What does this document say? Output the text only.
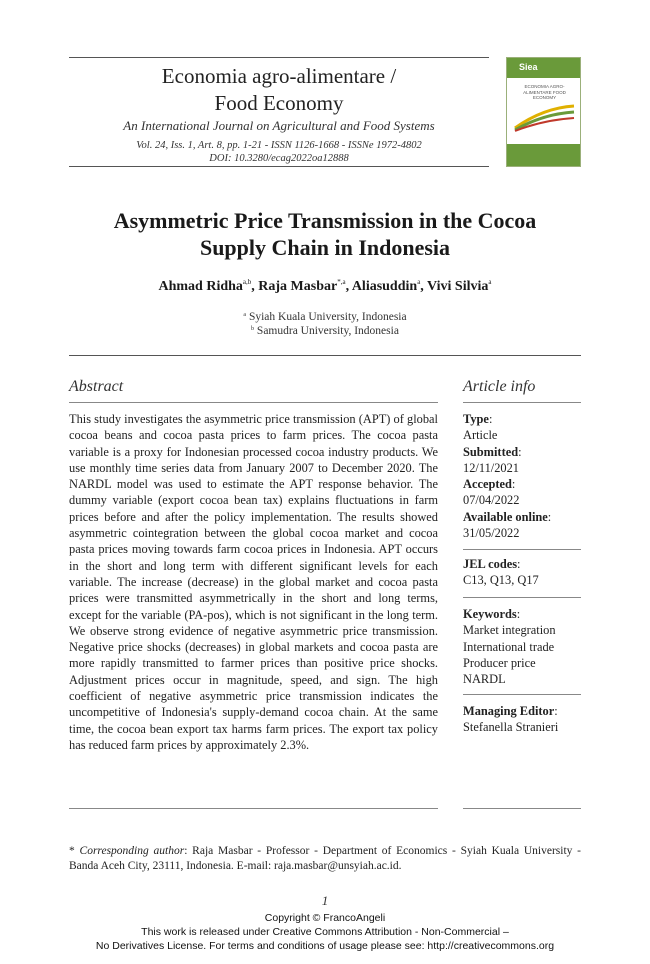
Economia agro-alimentare /
Food Economy
An International Journal on Agricultural and Food Systems
Vol. 24, Iss. 1, Art. 8, pp. 1-21 - ISSN 1126-1668 - ISSNe 1972-4802
DOI: 10.3280/ecag2022oa12888
Siea
ECONOMIA AGRO-ALIMENTARE FOOD ECONOMY
Asymmetric Price Transmission in the Cocoa
Supply Chain in Indonesia
Ahmad Ridha$^{a,b}$, Raja Masbar$^{*,a}$, Aliasuddin$^a$, Vivi Silvia$^a$
$^a$ Syiah Kuala University, Indonesia
$^b$ Samudra University, Indonesia
Abstract
This study investigates the asymmetric price transmission (APT) of global cocoa beans and cocoa pasta prices to farm prices. The cocoa pasta variable is a proxy for Indonesian processed cocoa industry products. We use monthly time series data from January 2007 to December 2020. The NARDL model was used to estimate the APT response behavior. The dummy variable (export cocoa bean tax) explains fluctuations in farm prices before and after the policy implementation. The results showed asymmetric cointegration between the global cocoa market and cocoa pasta prices moving towards farm cocoa prices in Indonesia. APT occurs in the short and long term with different significant levels for each variable. The increase (decrease) in the global market and cocoa pasta prices were transmitted asymmetrically in the short and long terms, except for the variable (PA-pos), which is not significant in the long term. We observe strong evidence of negative asymmetric price transmission. Negative price shocks (decreases) in global markets and cocoa pasta are more rapidly transmitted to farmer prices than positive price shocks. Adjustment prices occur in magnitude, speed, and sign. The high coefficient of negative asymmetric price transmission indicates the uncompetitive of Indonesia's supply-demand cocoa chain. At the same time, the cocoa bean export tax harms farm prices. The export tax policy has reduced farm prices by approximately 2.3%.
Article info
Type:
Article
Submitted:
12/11/2021
Accepted:
07/04/2022
Available online:
31/05/2022
JEL codes:
C13, Q13, Q17
Keywords:
Market integration
International trade
Producer price
NARDL
Managing Editor:
Stefanella Stranieri
* Corresponding author: Raja Masbar - Professor - Department of Economics - Syiah Kuala University - Banda Aceh City, 23111, Indonesia. E-mail: raja.masbar@unsyiah.ac.id.
1
Copyright © FrancoAngeli
This work is released under Creative Commons Attribution - Non-Commercial –
No Derivatives License. For terms and conditions of usage please see: http://creativecommons.org
